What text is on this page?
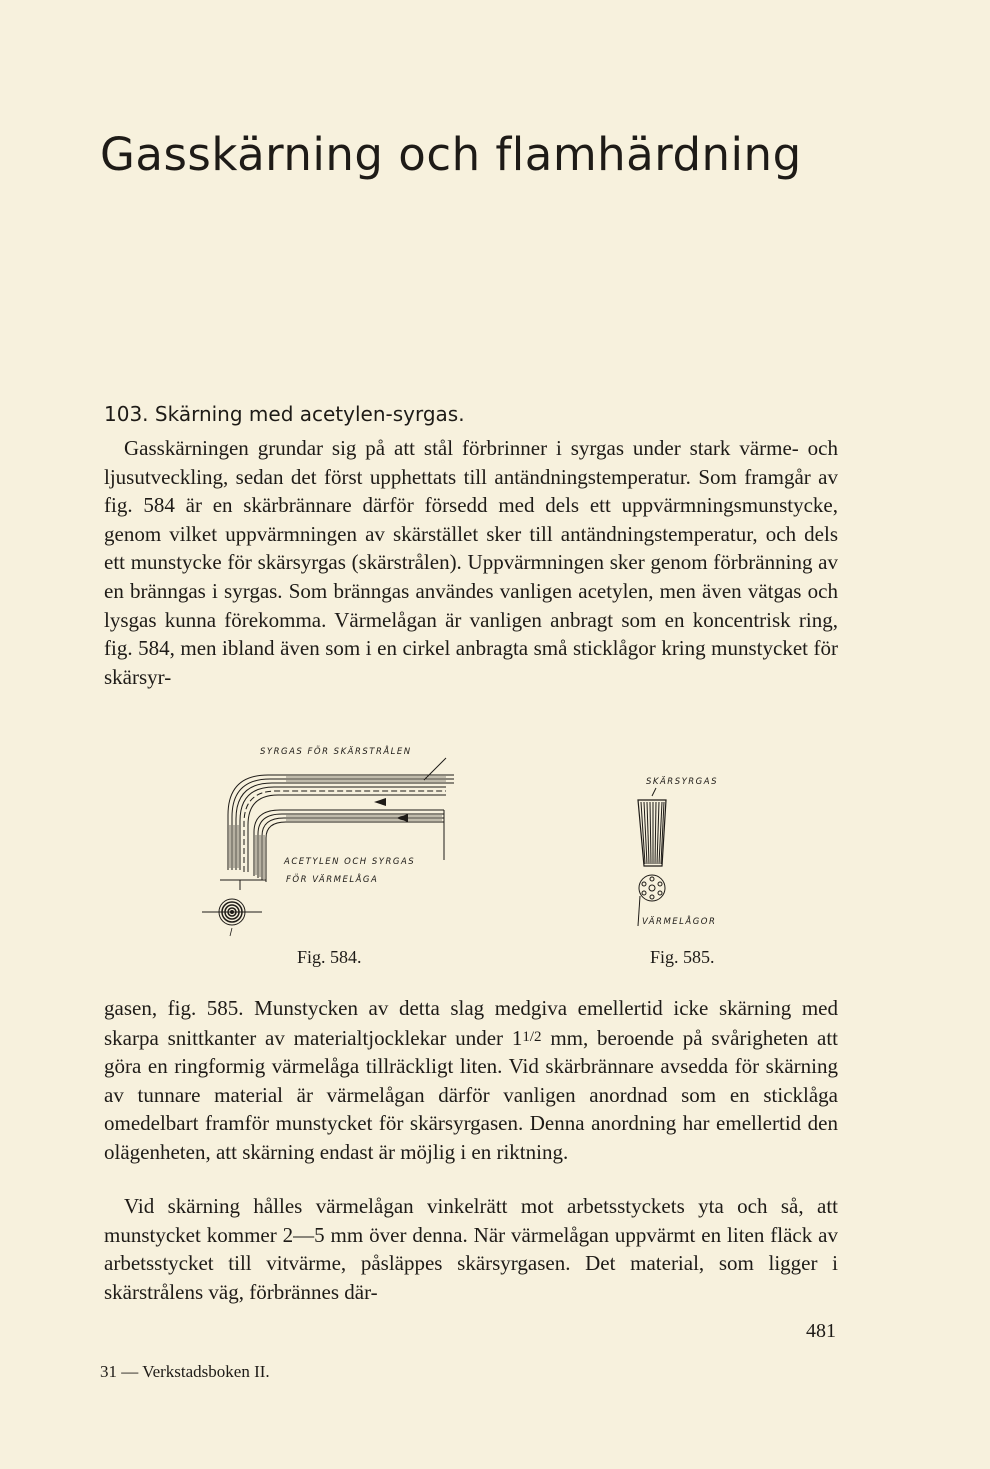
Gasskärning och flamhärdning
103. Skärning med acetylen-syrgas.

Gasskärningen grundar sig på att stål förbrinner i syrgas under stark värme- och ljusutveckling, sedan det först upphettats till antändningstemperatur. Som framgår av fig. 584 är en skärbrännare därför försedd med dels ett uppvärmningsmunstycke, genom vilket uppvärmningen av skärstället sker till antändningstemperatur, och dels ett munstycke för skärsyrgas (skärstrålen). Uppvärmningen sker genom förbränning av en bränngas i syrgas. Som bränngas användes vanligen acetylen, men även vätgas och lysgas kunna förekomma. Värmelågan är vanligen anbragt som en koncentrisk ring, fig. 584, men ibland även som i en cirkel anbragta små sticklågor kring munstycket för skärsyr-

SYRGAS FÖR SKÄRSTRÅLEN
ACETYLEN OCH SYRGAS
FÖR VÄRMELÅGA
Fig. 584.
SKÄRSYRGAS
VÄRMELÅGOR
Fig. 585.

gasen, fig. 585. Munstycken av detta slag medgiva emellertid icke skärning med skarpa snittkanter av materialtjocklekar under 11/2 mm, beroende på svårigheten att göra en ringformig värmelåga tillräckligt liten. Vid skärbrännare avsedda för skärning av tunnare material är värmelågan därför vanligen anordnad som en sticklåga omedelbart framför munstycket för skärsyrgasen. Denna anordning har emellertid den olägenheten, att skärning endast är möjlig i en riktning.

Vid skärning hålles värmelågan vinkelrätt mot arbetsstyckets yta och så, att munstycket kommer 2—5 mm över denna. När värmelågan uppvärmt en liten fläck av arbetsstycket till vitvärme, påsläppes skärsyrgasen. Det material, som ligger i skärstrålens väg, förbrännes där-

481
31 — Verkstadsboken II.
